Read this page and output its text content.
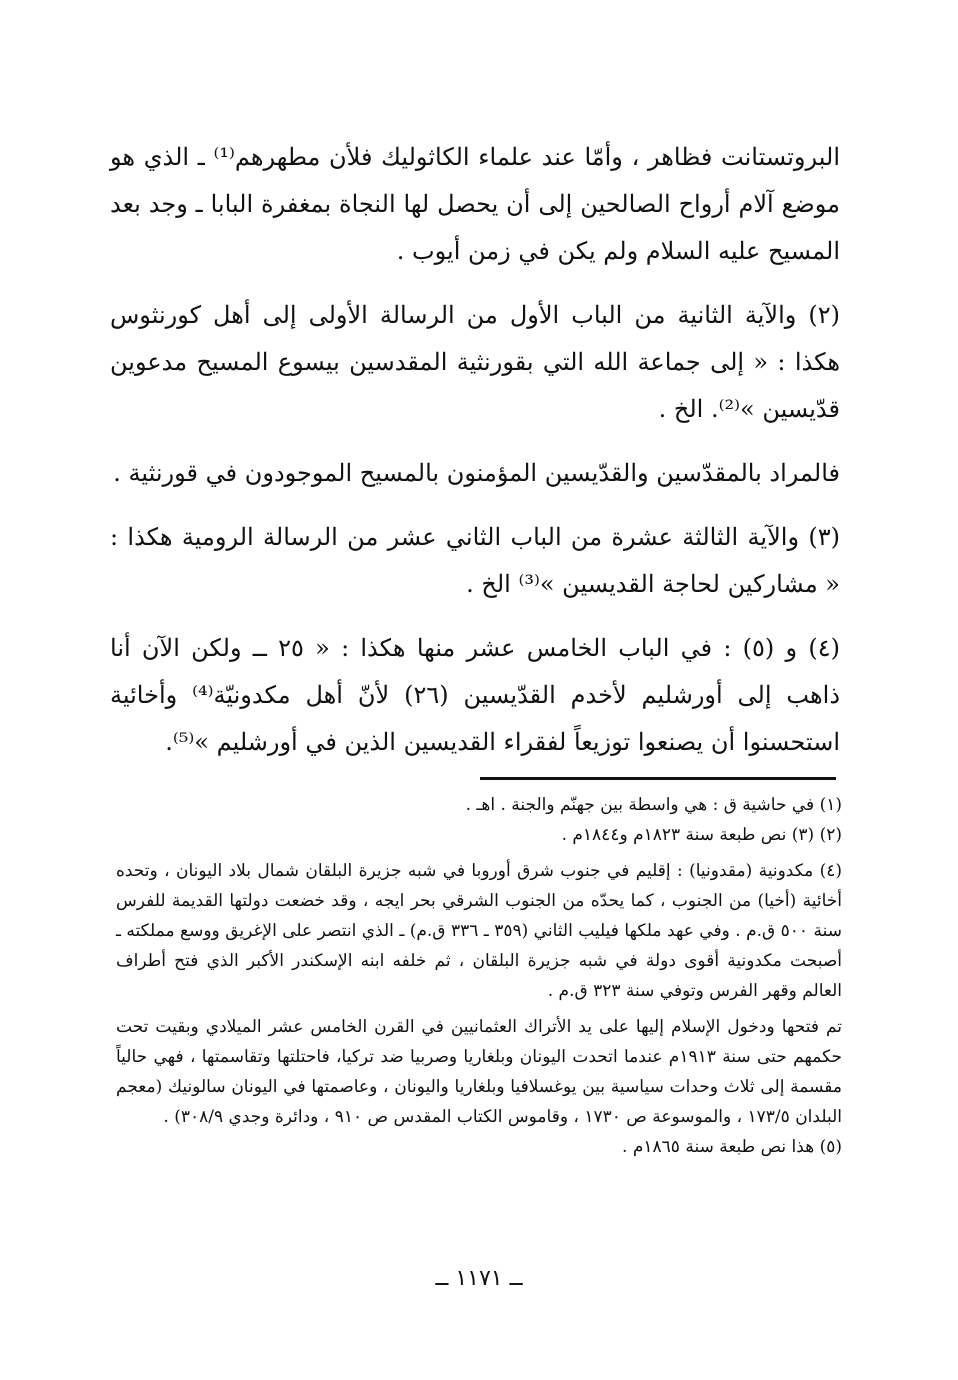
البروتستانت فظاهر ، وأمّا عند علماء الكاثوليك فلأن مطهرهم⁽¹⁾ ـ الذي هو موضع آلام أرواح الصالحين إلى أن يحصل لها النجاة بمغفرة البابا ـ وجد بعد المسيح عليه السلام ولم يكن في زمن أيوب .

(٢) والآية الثانية من الباب الأول من الرسالة الأولى إلى أهل كورنثوس هكذا : « إلى جماعة الله التي بقورنثية المقدسين بيسوع المسيح مدعوين قدّيسين »⁽²⁾. الخ .

فالمراد بالمقدّسين والقدّيسين المؤمنون بالمسيح الموجودون في قورنثية .

(٣) والآية الثالثة عشرة من الباب الثاني عشر من الرسالة الرومية هكذا : « مشاركين لحاجة القديسين »⁽³⁾ الخ .

(٤) و (٥) : في الباب الخامس عشر منها هكذا : « ٢٥ ــ ولكن الآن أنا ذاهب إلى أورشليم لأخدم القدّيسين (٢٦) لأنّ أهل مكدونيّة⁽⁴⁾ وأخائية استحسنوا أن يصنعوا توزيعاً لفقراء القديسين الذين في أورشليم »⁽⁵⁾.

(١) في حاشية ق : هي واسطة بين جهنّم والجنة . اهـ .

(٢) (٣) نص طبعة سنة ١٨٢٣م و١٨٤٤م .

(٤) مكدونية (مقدونيا) : إقليم في جنوب شرق أوروبا في شبه جزيرة البلقان شمال بلاد اليونان ، وتحده أخائية (أخيا) من الجنوب ، كما يحدّه من الجنوب الشرقي بحر ايجه ، وقد خضعت دولتها القديمة للفرس سنة ٥٠٠ ق.م . وفي عهد ملكها فيليب الثاني (٣٥٩ ـ ٣٣٦ ق.م) ـ الذي انتصر على الإغريق ووسع مملكته ـ أصبحت مكدونية أقوى دولة في شبه جزيرة البلقان ، ثم خلفه ابنه الإسكندر الأكبر الذي فتح أطراف العالم وقهر الفرس وتوفي سنة ٣٢٣ ق.م .

تم فتحها ودخول الإسلام إليها على يد الأتراك العثمانيين في القرن الخامس عشر الميلادي وبقيت تحت حكمهم حتى سنة ١٩١٣م عندما اتحدت اليونان وبلغاريا وصربيا ضد تركيا، فاحتلتها وتقاسمتها ، فهي حالياً مقسمة إلى ثلاث وحدات سياسية بين يوغسلافيا وبلغاريا واليونان ، وعاصمتها في اليونان سالونيك (معجم البلدان ١٧٣/٥ ، والموسوعة ص ١٧٣٠ ، وقاموس الكتاب المقدس ص ٩١٠ ، ودائرة وجدي ٣٠٨/٩) .

(٥) هذا نص طبعة سنة ١٨٦٥م .

ــ ١١٧١ ــ
